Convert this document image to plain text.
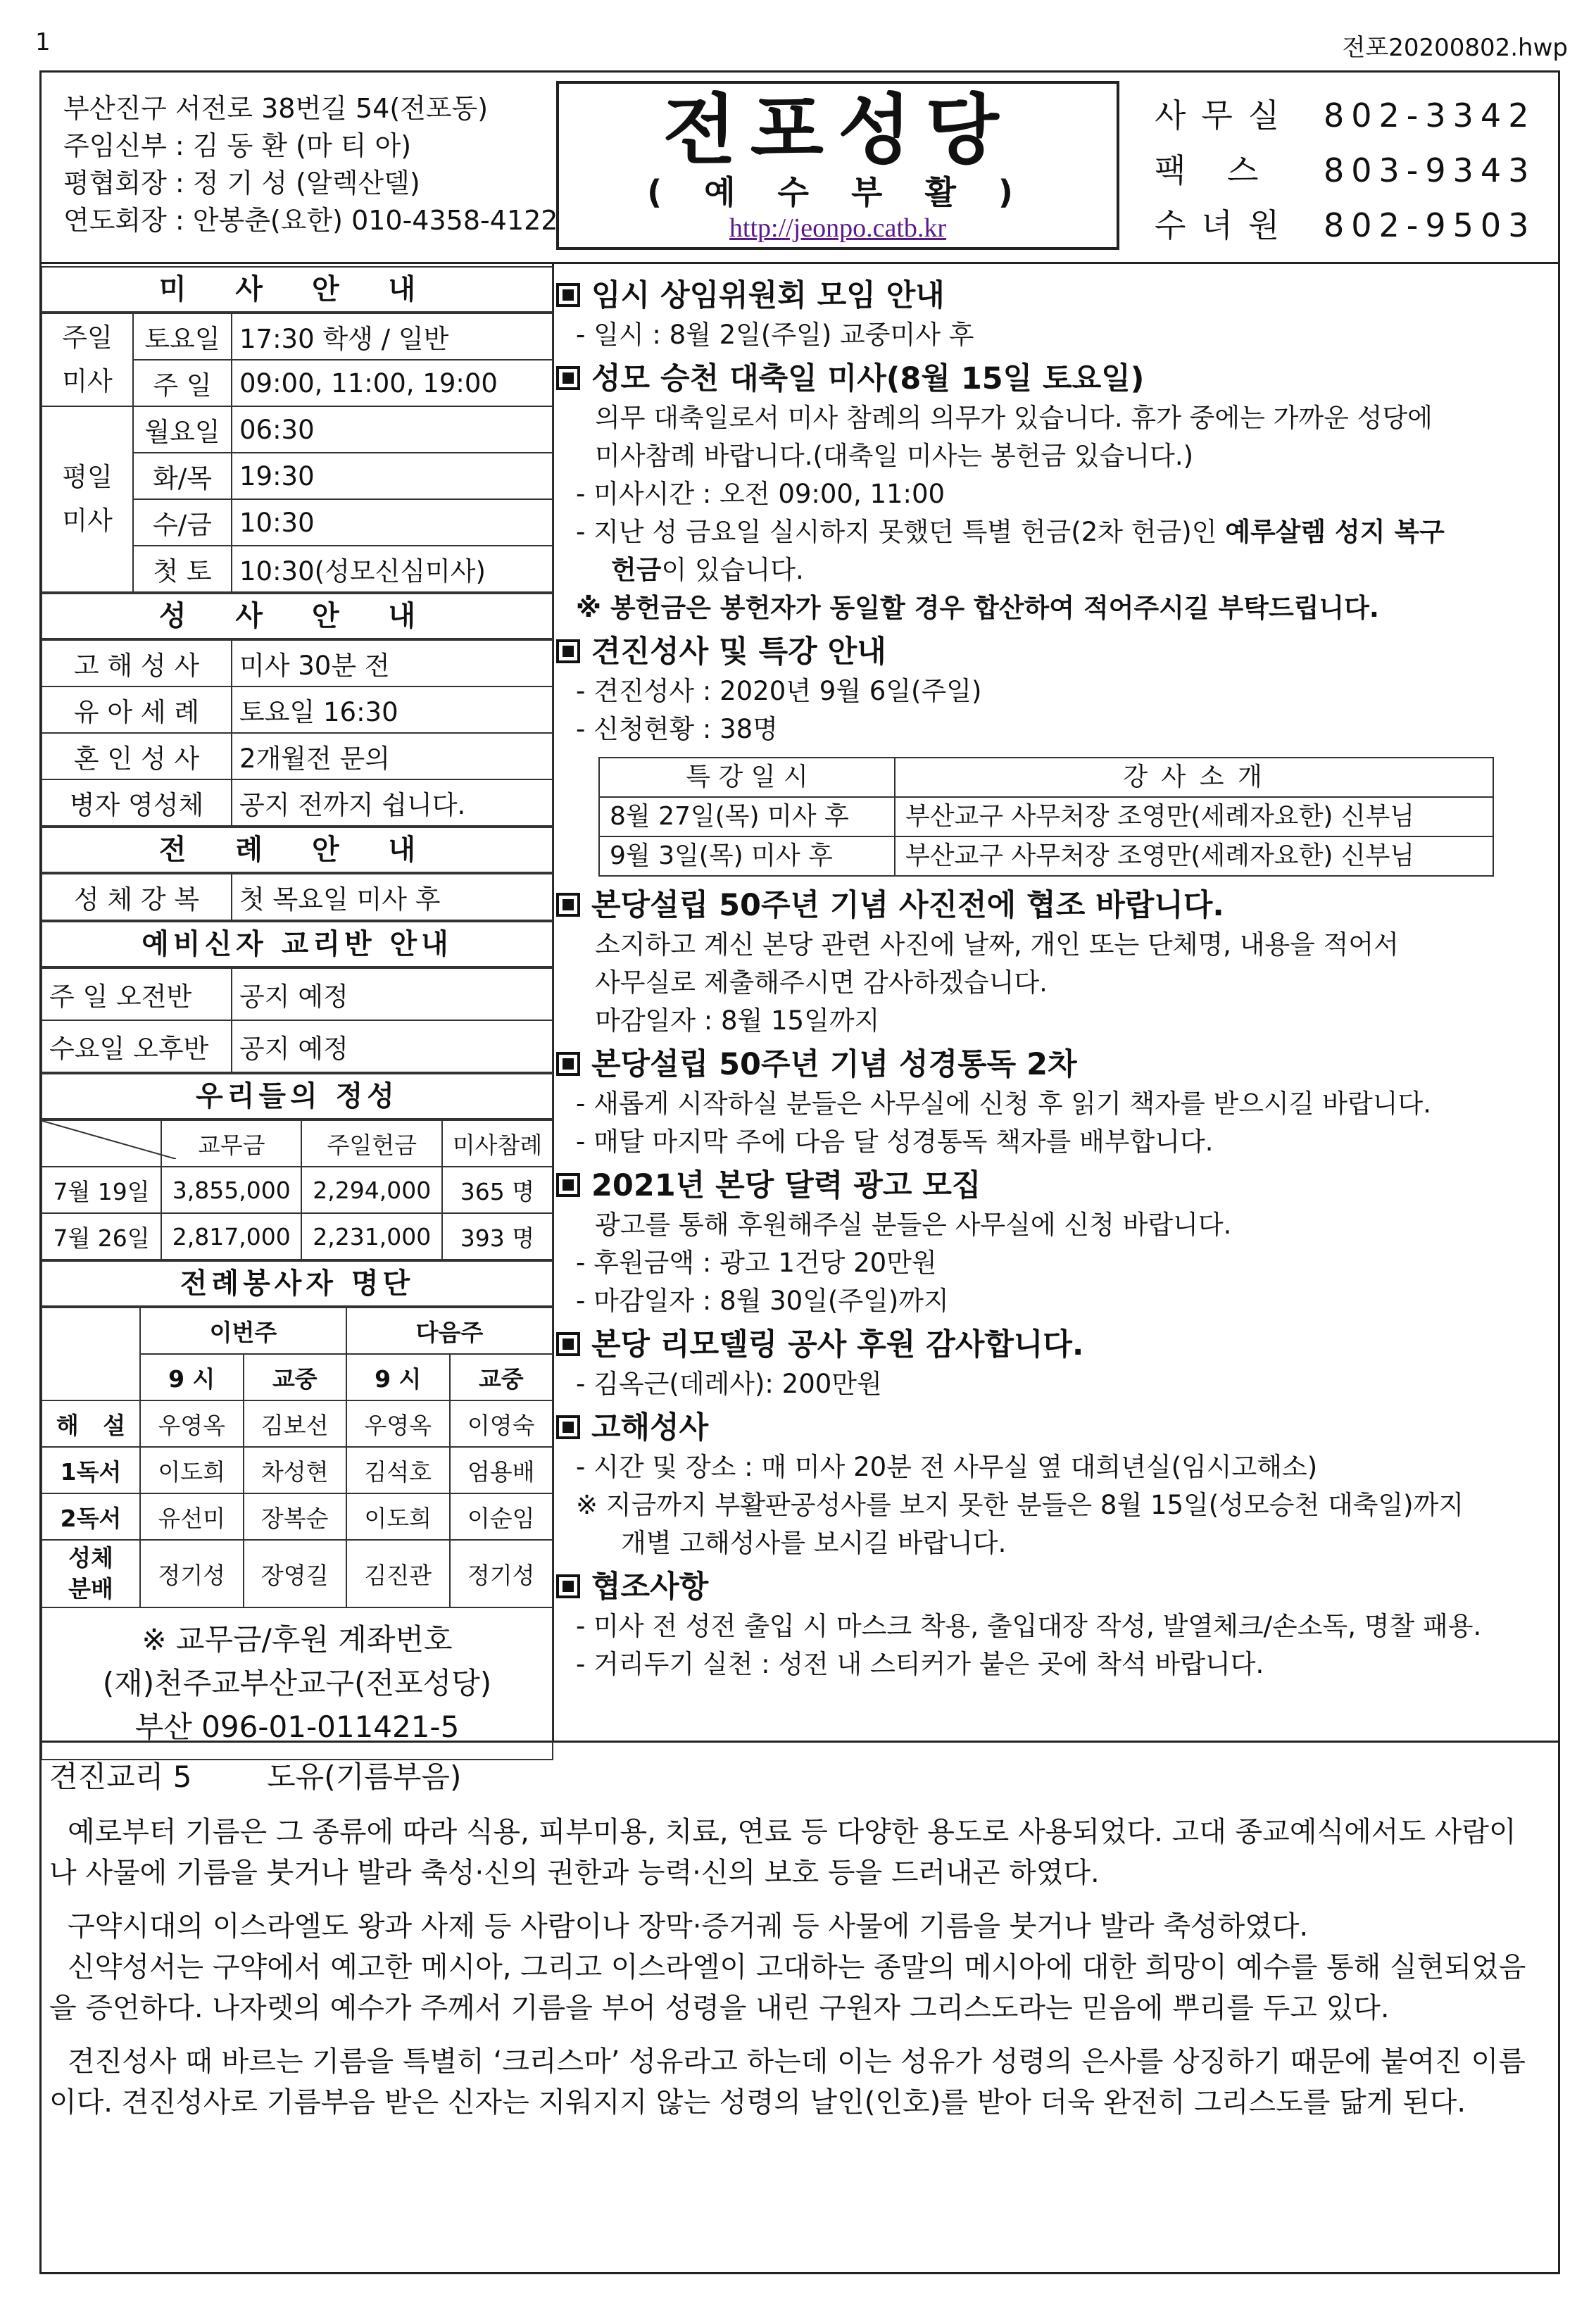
1	전포20200802.hwp
부산진구 서전로 38번길 54(전포동)
주임신부 : 김 동 환 (마 티 아)
평협회장 : 정 기 성 (알렉산델)
연도회장 : 안봉춘(요한) 010-4358-4122
전포성당
( 예 수 부 활 )
http://jeonpo.catb.kr
사무실 802-3342
팩 스	803-9343
수녀원 802-9503
미 사 안 내
주일
미사	토요일	17:30 학생 / 일반
	주 일	09:00, 11:00, 19:00
평일
미사	월요일	06:30
	화/목	19:30
	수/금	10:30
	첫 토	10:30(성모신심미사)
성 사 안 내
고 해 성 사	미사 30분 전
유 아 세 례	토요일 16:30
혼 인 성 사	2개월전 문의
병자 영성체	공지 전까지 쉽니다.
전 례 안 내
성 체 강 복	첫 목요일 미사 후
예비신자 교리반 안내
주 일 오전반	공지 예정
수요일 오후반	공지 예정
우리들의 정성
	교무금	주일헌금	미사참례
7월 19일	3,855,000	2,294,000	365 명
7월 26일	2,817,000	2,231,000	393 명
전례봉사자 명단
	이번주		다음주	
	9 시	교중	9 시	교중
해   설	우영옥	김보선	우영옥	이영숙
1독서	이도희	차성현	김석호	엄용배
2독서	유선미	장복순	이도희	이순임
성체
분배	정기성	장영길	김진관	정기성
※ 교무금/후원 계좌번호
(재)천주교부산교구(전포성당)
부산 096-01-011421-5
임시 상임위원회 모임 안내
- 일시 : 8월 2일(주일) 교중미사 후
성모 승천 대축일 미사(8월 15일 토요일)
의무 대축일로서 미사 참례의 의무가 있습니다. 휴가 중에는 가까운 성당에
미사참례 바랍니다.(대축일 미사는 봉헌금 있습니다.)
- 미사시간 : 오전 09:00, 11:00
- 지난 성 금요일 실시하지 못했던 특별 헌금(2차 헌금)인 예루살렘 성지 복구
헌금이 있습니다.
※ 봉헌금은 봉헌자가 동일할 경우 합산하여 적어주시길 부탁드립니다.
견진성사 및 특강 안내
- 견진성사 : 2020년 9월 6일(주일)
- 신청현황 : 38명
특 강 일 시	강 사 소 개
8월 27일(목) 미사 후	부산교구 사무처장 조영만(세례자요한) 신부님
9월 3일(목) 미사 후	부산교구 사무처장 조영만(세례자요한) 신부님
본당설립 50주년 기념 사진전에 협조 바랍니다.
소지하고 계신 본당 관련 사진에 날짜, 개인 또는 단체명, 내용을 적어서
사무실로 제출해주시면 감사하겠습니다.
마감일자 : 8월 15일까지
본당설립 50주년 기념 성경통독 2차
- 새롭게 시작하실 분들은 사무실에 신청 후 읽기 책자를 받으시길 바랍니다.
- 매달 마지막 주에 다음 달 성경통독 책자를 배부합니다.
2021년 본당 달력 광고 모집
광고를 통해 후원해주실 분들은 사무실에 신청 바랍니다.
- 후원금액 : 광고 1건당 20만원
- 마감일자 : 8월 30일(주일)까지
본당 리모델링 공사 후원 감사합니다.
- 김옥근(데레사): 200만원
고해성사
- 시간 및 장소 : 매 미사 20분 전 사무실 옆 대희년실(임시고해소)
※ 지금까지 부활판공성사를 보지 못한 분들은 8월 15일(성모승천 대축일)까지
개별 고해성사를 보시길 바랍니다.
협조사항
- 미사 전 성전 출입 시 마스크 착용, 출입대장 작성, 발열체크/손소독, 명찰 패용.
- 거리두기 실천 : 성전 내 스티커가 붙은 곳에 착석 바랍니다.
견진교리 5        도유(기름부음)

예로부터 기름은 그 종류에 따라 식용, 피부미용, 치료, 연료 등 다양한 용도로 사용되었다. 고대 종교예식에서도 사람이나 사물에 기름을 붓거나 발라 축성·신의 권한과 능력·신의 보호 등을 드러내곤 하였다.

구약시대의 이스라엘도 왕과 사제 등 사람이나 장막·증거궤 등 사물에 기름을 붓거나 발라 축성하였다.

신약성서는 구약에서 예고한 메시아, 그리고 이스라엘이 고대하는 종말의 메시아에 대한 희망이 예수를 통해 실현되었음을 증언하다. 나자렛의 예수가 주께서 기름을 부어 성령을 내린 구원자 그리스도라는 믿음에 뿌리를 두고 있다.

견진성사 때 바르는 기름을 특별히 ‘크리스마’ 성유라고 하는데 이는 성유가 성령의 은사를 상징하기 때문에 붙여진 이름이다. 견진성사로 기름부음 받은 신자는 지워지지 않는 성령의 날인(인호)를 받아 더욱 완전히 그리스도를 닮게 된다.
